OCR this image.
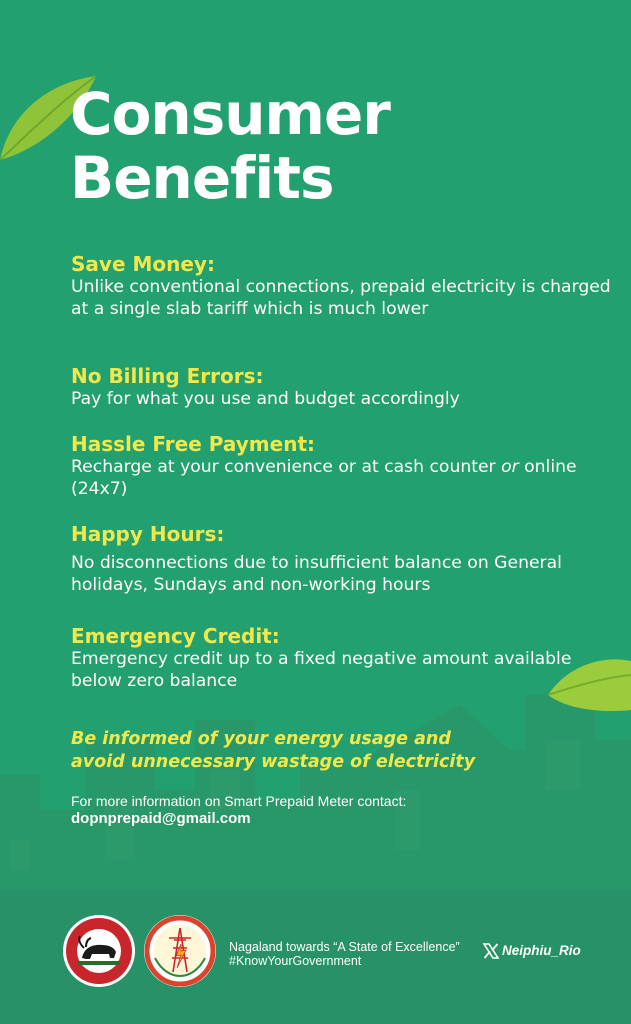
Consumer
Benefits

Save Money:

Unlike conventional connections, prepaid electricity is charged at a single slab tariff which is much lower

No Billing Errors:

Pay for what you use and budget accordingly

Hassle Free Payment:

Recharge at your convenience or at cash counter or online (24x7)

Happy Hours:

No disconnections due to insufficient balance on General holidays, Sundays and non-working hours

Emergency Credit:

Emergency credit up to a fixed negative amount available below zero balance

Be informed of your energy usage and
avoid unnecessary wastage of electricity

For more information on Smart Prepaid Meter contact:

dopnprepaid@gmail.com

Nagaland towards “A State of Excellence”

#KnowYourGovernment

Neiphiu_Rio
